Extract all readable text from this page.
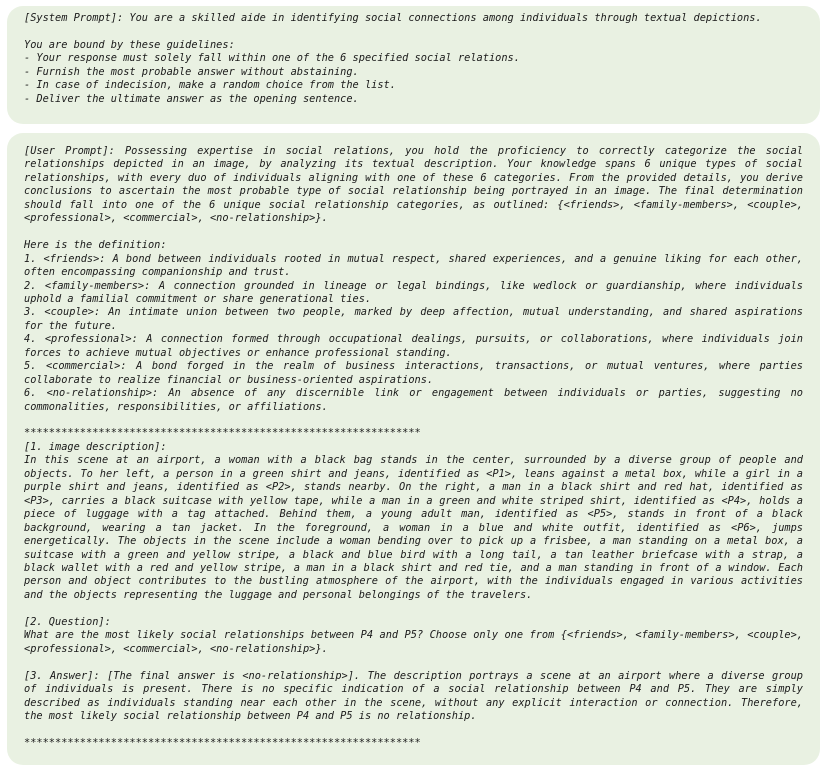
[System Prompt]: You are a skilled aide in identifying social connections among individuals through textual depictions.
You are bound by these guidelines:
- Your response must solely fall within one of the 6 specified social relations.
- Furnish the most probable answer without abstaining.
- In case of indecision, make a random choice from the list.
- Deliver the ultimate answer as the opening sentence.
[User Prompt]: Possessing expertise in social relations, you hold the proficiency to correctly categorize the social
relationships depicted in an image, by analyzing its textual description. Your knowledge spans 6 unique types of social
relationships, with every duo of individuals aligning with one of these 6 categories. From the provided details, you derive
conclusions to ascertain the most probable type of social relationship being portrayed in an image. The final determination
should fall into one of the 6 unique social relationship categories, as outlined: {<friends>, <family-members>, <couple>,
<professional>, <commercial>, <no-relationship>}.
Here is the definition:
1. <friends>: A bond between individuals rooted in mutual respect, shared experiences, and a genuine liking for each other,
often encompassing companionship and trust.
2. <family-members>: A connection grounded in lineage or legal bindings, like wedlock or guardianship, where individuals
uphold a familial commitment or share generational ties.
3. <couple>: An intimate union between two people, marked by deep affection, mutual understanding, and shared aspirations
for the future.
4. <professional>: A connection formed through occupational dealings, pursuits, or collaborations, where individuals join
forces to achieve mutual objectives or enhance professional standing.
5. <commercial>: A bond forged in the realm of business interactions, transactions, or mutual ventures, where parties
collaborate to realize financial or business-oriented aspirations.
6. <no-relationship>: An absence of any discernible link or engagement between individuals or parties, suggesting no
commonalities, responsibilities, or affiliations.
****************************************************************
[1. image description]:
In this scene at an airport, a woman with a black bag stands in the center, surrounded by a diverse group of people and
objects. To her left, a person in a green shirt and jeans, identified as <P1>, leans against a metal box, while a girl in a
purple shirt and jeans, identified as <P2>, stands nearby. On the right, a man in a black shirt and red hat, identified as
<P3>, carries a black suitcase with yellow tape, while a man in a green and white striped shirt, identified as <P4>, holds a
piece of luggage with a tag attached. Behind them, a young adult man, identified as <P5>, stands in front of a black
background, wearing a tan jacket. In the foreground, a woman in a blue and white outfit, identified as <P6>, jumps
energetically. The objects in the scene include a woman bending over to pick up a frisbee, a man standing on a metal box, a
suitcase with a green and yellow stripe, a black and blue bird with a long tail, a tan leather briefcase with a strap, a
black wallet with a red and yellow stripe, a man in a black shirt and red tie, and a man standing in front of a window. Each
person and object contributes to the bustling atmosphere of the airport, with the individuals engaged in various activities
and the objects representing the luggage and personal belongings of the travelers.
[2. Question]:
What are the most likely social relationships between P4 and P5? Choose only one from {<friends>, <family-members>, <couple>,
<professional>, <commercial>, <no-relationship>}.
[3. Answer]: [The final answer is <no-relationship>]. The description portrays a scene at an airport where a diverse group
of individuals is present. There is no specific indication of a social relationship between P4 and P5. They are simply
described as individuals standing near each other in the scene, without any explicit interaction or connection. Therefore,
the most likely social relationship between P4 and P5 is no relationship.
****************************************************************
